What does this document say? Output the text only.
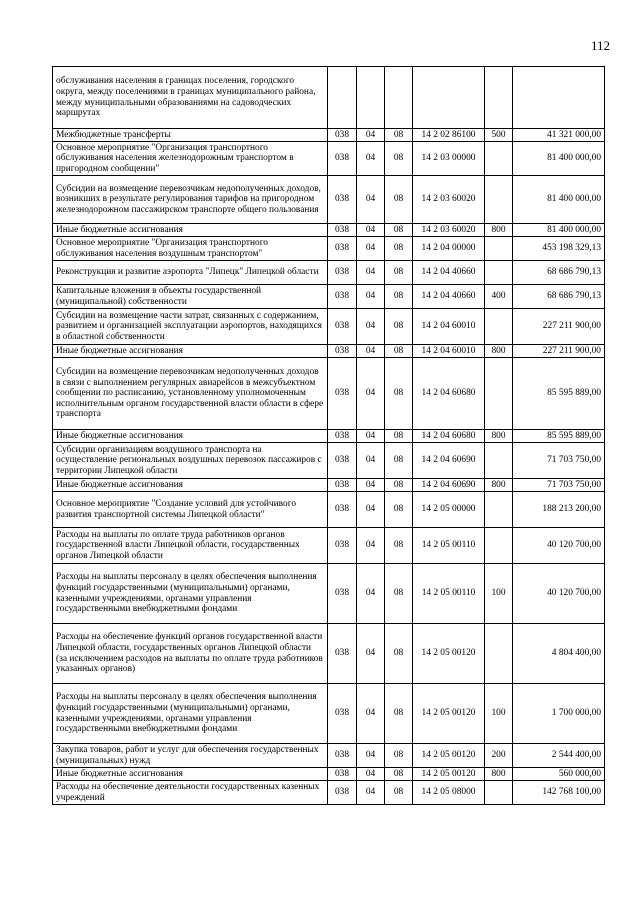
112
обслуживания населения в границах поселения, городского округа, между поселениями в границах муниципального района, между муниципальными образованиями на садоводческих маршрутах						
Межбюджетные трансферты	038	04	08	14 2 02 86100	500	41 321 000,00
Основное мероприятие "Организация транспортного обслуживания населения железнодорожным транспортом в пригородном сообщении"	038	04	08	14 2 03 00000		81 400 000,00
Субсидии на возмещение перевозчикам недополученных доходов, возникших в результате регулирования тарифов на пригородном железнодорожном пассажирском транспорте общего пользования	038	04	08	14 2 03 60020		81 400 000,00
Иные бюджетные ассигнования	038	04	08	14 2 03 60020	800	81 400 000,00
Основное мероприятие "Организация транспортного обслуживания населения воздушным транспортом"	038	04	08	14 2 04 00000		453 198 329,13
Реконструкция и развитие аэропорта "Липецк" Липецкой области	038	04	08	14 2 04 40660		68 686 790,13
Капитальные вложения в объекты государственной (муниципальной) собственности	038	04	08	14 2 04 40660	400	68 686 790,13
Субсидии на возмещение части затрат, связанных с содержанием, развитием и организацией эксплуатации аэропортов, находящихся в областной собственности	038	04	08	14 2 04 60010		227 211 900,00
Иные бюджетные ассигнования	038	04	08	14 2 04 60010	800	227 211 900,00
Субсидии на возмещение перевозчикам недополученных доходов в связи с выполнением регулярных авиарейсов в межсубъектном сообщении по расписанию, установленному уполномоченным исполнительным органом государственной власти области в сфере транспорта	038	04	08	14 2 04 60680		85 595 889,00
Иные бюджетные ассигнования	038	04	08	14 2 04 60680	800	85 595 889,00
Субсидии организациям воздушного транспорта на осуществление региональных воздушных перевозок пассажиров с территории Липецкой области	038	04	08	14 2 04 60690		71 703 750,00
Иные бюджетные ассигнования	038	04	08	14 2 04 60690	800	71 703 750,00
Основное мероприятие "Создание условий для устойчивого развития транспортной системы Липецкой области"	038	04	08	14 2 05 00000		188 213 200,00
Расходы на выплаты по оплате труда работников органов государственной власти Липецкой области, государственных органов Липецкой области	038	04	08	14 2 05 00110		40 120 700,00
Расходы на выплаты персоналу в целях обеспечения выполнения функций государственными (муниципальными) органами, казенными учреждениями, органами управления государственными внебюджетными фондами	038	04	08	14 2 05 00110	100	40 120 700,00
Расходы на обеспечение функций органов государственной власти Липецкой области, государственных органов Липецкой области (за исключением расходов на выплаты по оплате труда работников указанных органов)	038	04	08	14 2 05 00120		4 804 400,00
Расходы на выплаты персоналу в целях обеспечения выполнения функций государственными (муниципальными) органами, казенными учреждениями, органами управления государственными внебюджетными фондами	038	04	08	14 2 05 00120	100	1 700 000,00
Закупка товаров, работ и услуг для обеспечения государственных (муниципальных) нужд	038	04	08	14 2 05 00120	200	2 544 400,00
Иные бюджетные ассигнования	038	04	08	14 2 05 00120	800	560 000,00
Расходы на обеспечение деятельности государственных казенных учреждений	038	04	08	14 2 05 08000		142 768 100,00
